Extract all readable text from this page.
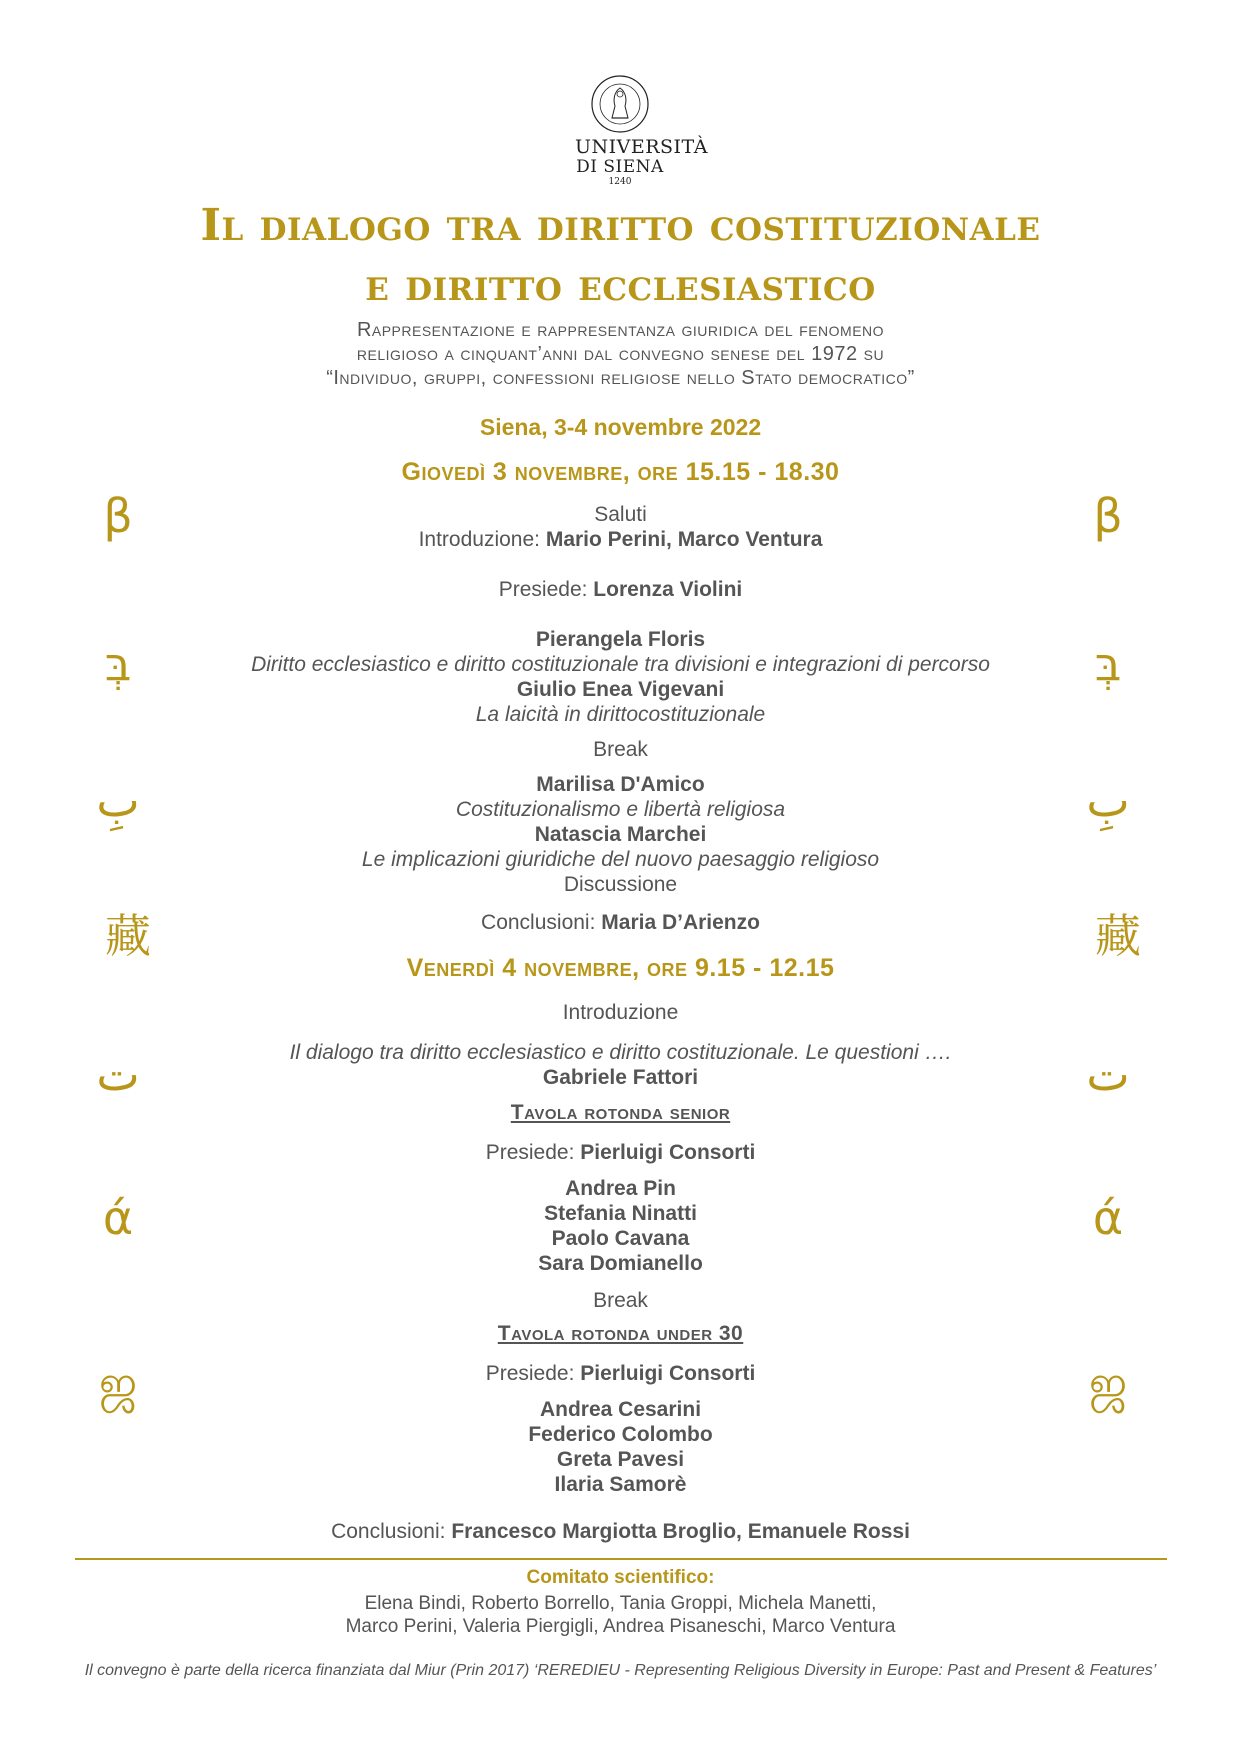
UNIVERSITÀ
DI SIENA
1240
Il dialogo tra diritto costituzionale
e diritto ecclesiastico
Rappresentazione e rappresentanza giuridica del fenomeno
religioso a cinquant’anni dal convegno senese del 1972 su
“Individuo, gruppi, confessioni religiose nello Stato democratico”
Siena, 3-4 novembre 2022
Giovedì 3 novembre, ore 15.15 - 18.30
Saluti
Introduzione: Mario Perini, Marco Ventura
Presiede: Lorenza Violini
Pierangela Floris
Diritto ecclesiastico e diritto costituzionale tra divisioni e integrazioni di percorso
Giulio Enea Vigevani
La laicità in dirittocostituzionale
Break
Marilisa D'Amico
Costituzionalismo e libertà religiosa
Natascia Marchei
Le implicazioni giuridiche del nuovo paesaggio religioso
Discussione
Conclusioni: Maria D’Arienzo
Venerdì 4 novembre, ore 9.15 - 12.15
Introduzione
Il dialogo tra diritto ecclesiastico e diritto costituzionale. Le questioni ….
Gabriele Fattori
Tavola rotonda senior
Presiede: Pierluigi Consorti
Andrea Pin
Stefania Ninatti
Paolo Cavana
Sara Domianello
Break
Tavola rotonda under 30
Presiede: Pierluigi Consorti
Andrea Cesarini
Federico Colombo
Greta Pavesi
Ilaria Samorè
Conclusioni: Francesco Margiotta Broglio, Emanuele Rossi
β
בְּ
بِ
藏
ت
ά
ஜ
β
בְּ
بِ
藏
ت
ά
ஜ
Comitato scientifico:
Elena Bindi, Roberto Borrello, Tania Groppi, Michela Manetti,
Marco Perini, Valeria Piergigli, Andrea Pisaneschi, Marco Ventura
Il convegno è parte della ricerca finanziata dal Miur (Prin 2017) ‘REREDIEU - Representing Religious Diversity in Europe: Past and Present & Features’
